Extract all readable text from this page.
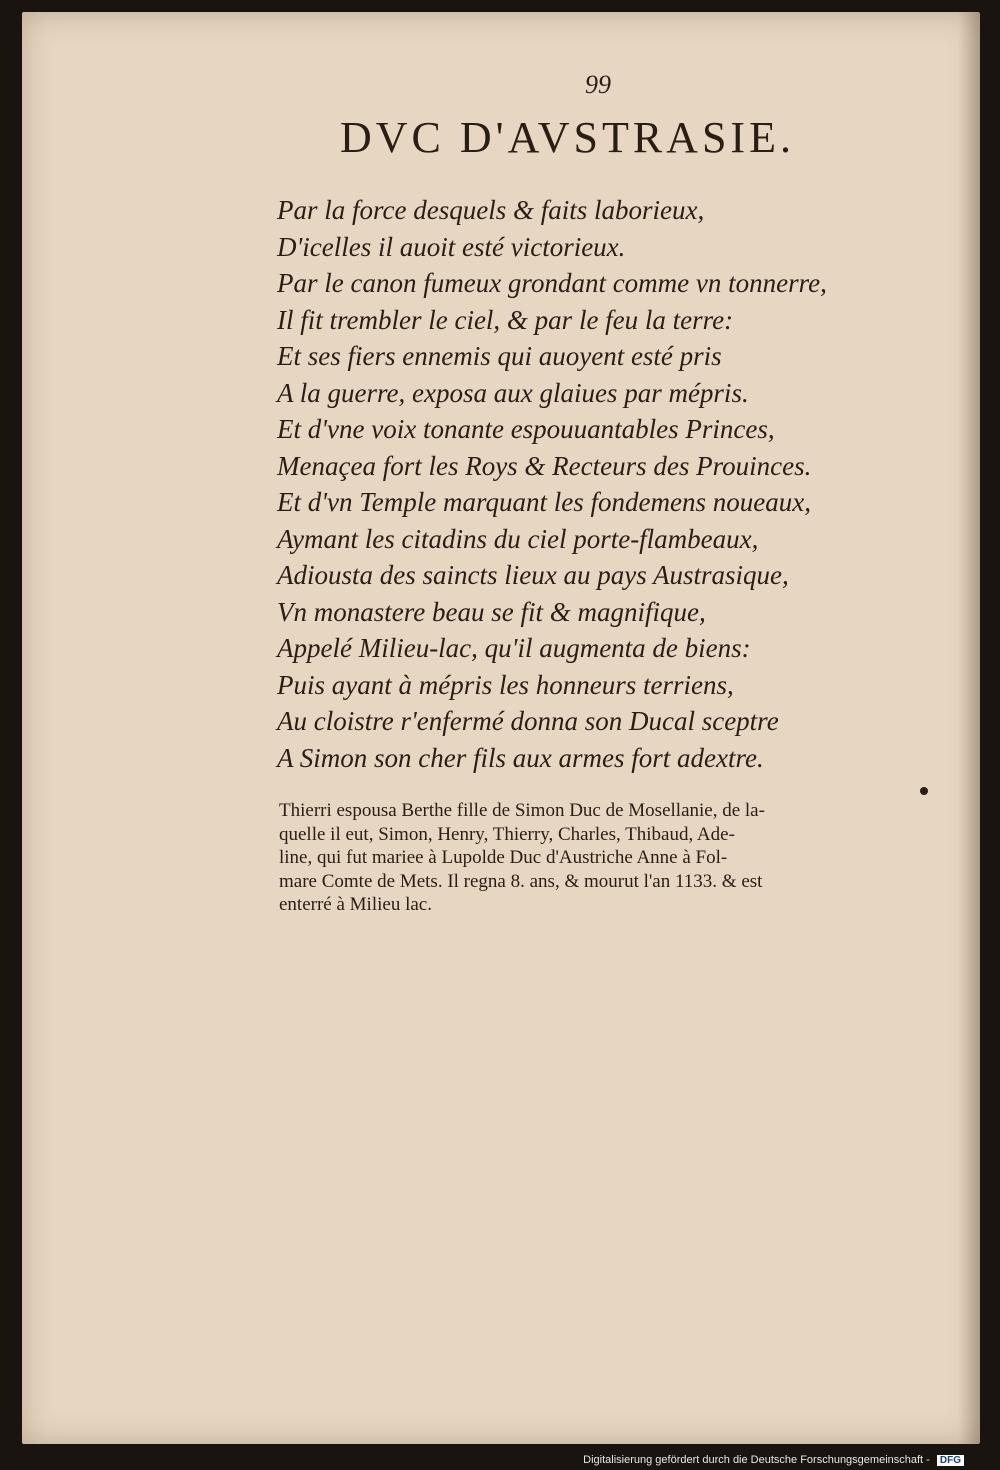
99
DVC D'AVSTRASIE.
Par la force desquels & faits laborieux,
D'icelles il auoit esté victorieux.
Par le canon fumeux grondant comme vn tonnerre,
Il fit trembler le ciel, & par le feu la terre:
Et ses fiers ennemis qui auoyent esté pris
A la guerre, exposa aux glaiues par mépris.
Et d'vne voix tonante espouuantables Princes,
Menaçea fort les Roys & Recteurs des Prouinces.
Et d'vn Temple marquant les fondemens noueaux,
Aymant les citadins du ciel porte-flambeaux,
Adiousta des saincts lieux au pays Austrasique,
Vn monastere beau se fit & magnifique,
Appelé Milieu-lac, qu'il augmenta de biens:
Puis ayant à mépris les honneurs terriens,
Au cloistre r'enfermé donna son Ducal sceptre
A Simon son cher fils aux armes fort adextre.

Thierri espousa Berthe fille de Simon Duc de Mosellanie, de la-
quelle il eut, Simon, Henry, Thierry, Charles, Thibaud, Ade-
line, qui fut mariee à Lupolde Duc d'Austriche Anne à Fol-
mare Comte de Mets. Il regna 8. ans, & mourut l'an 1133. & est
enterré à Milieu lac.

Digitalisierung gefördert durch die Deutsche Forschungsgemeinschaft - DFG
